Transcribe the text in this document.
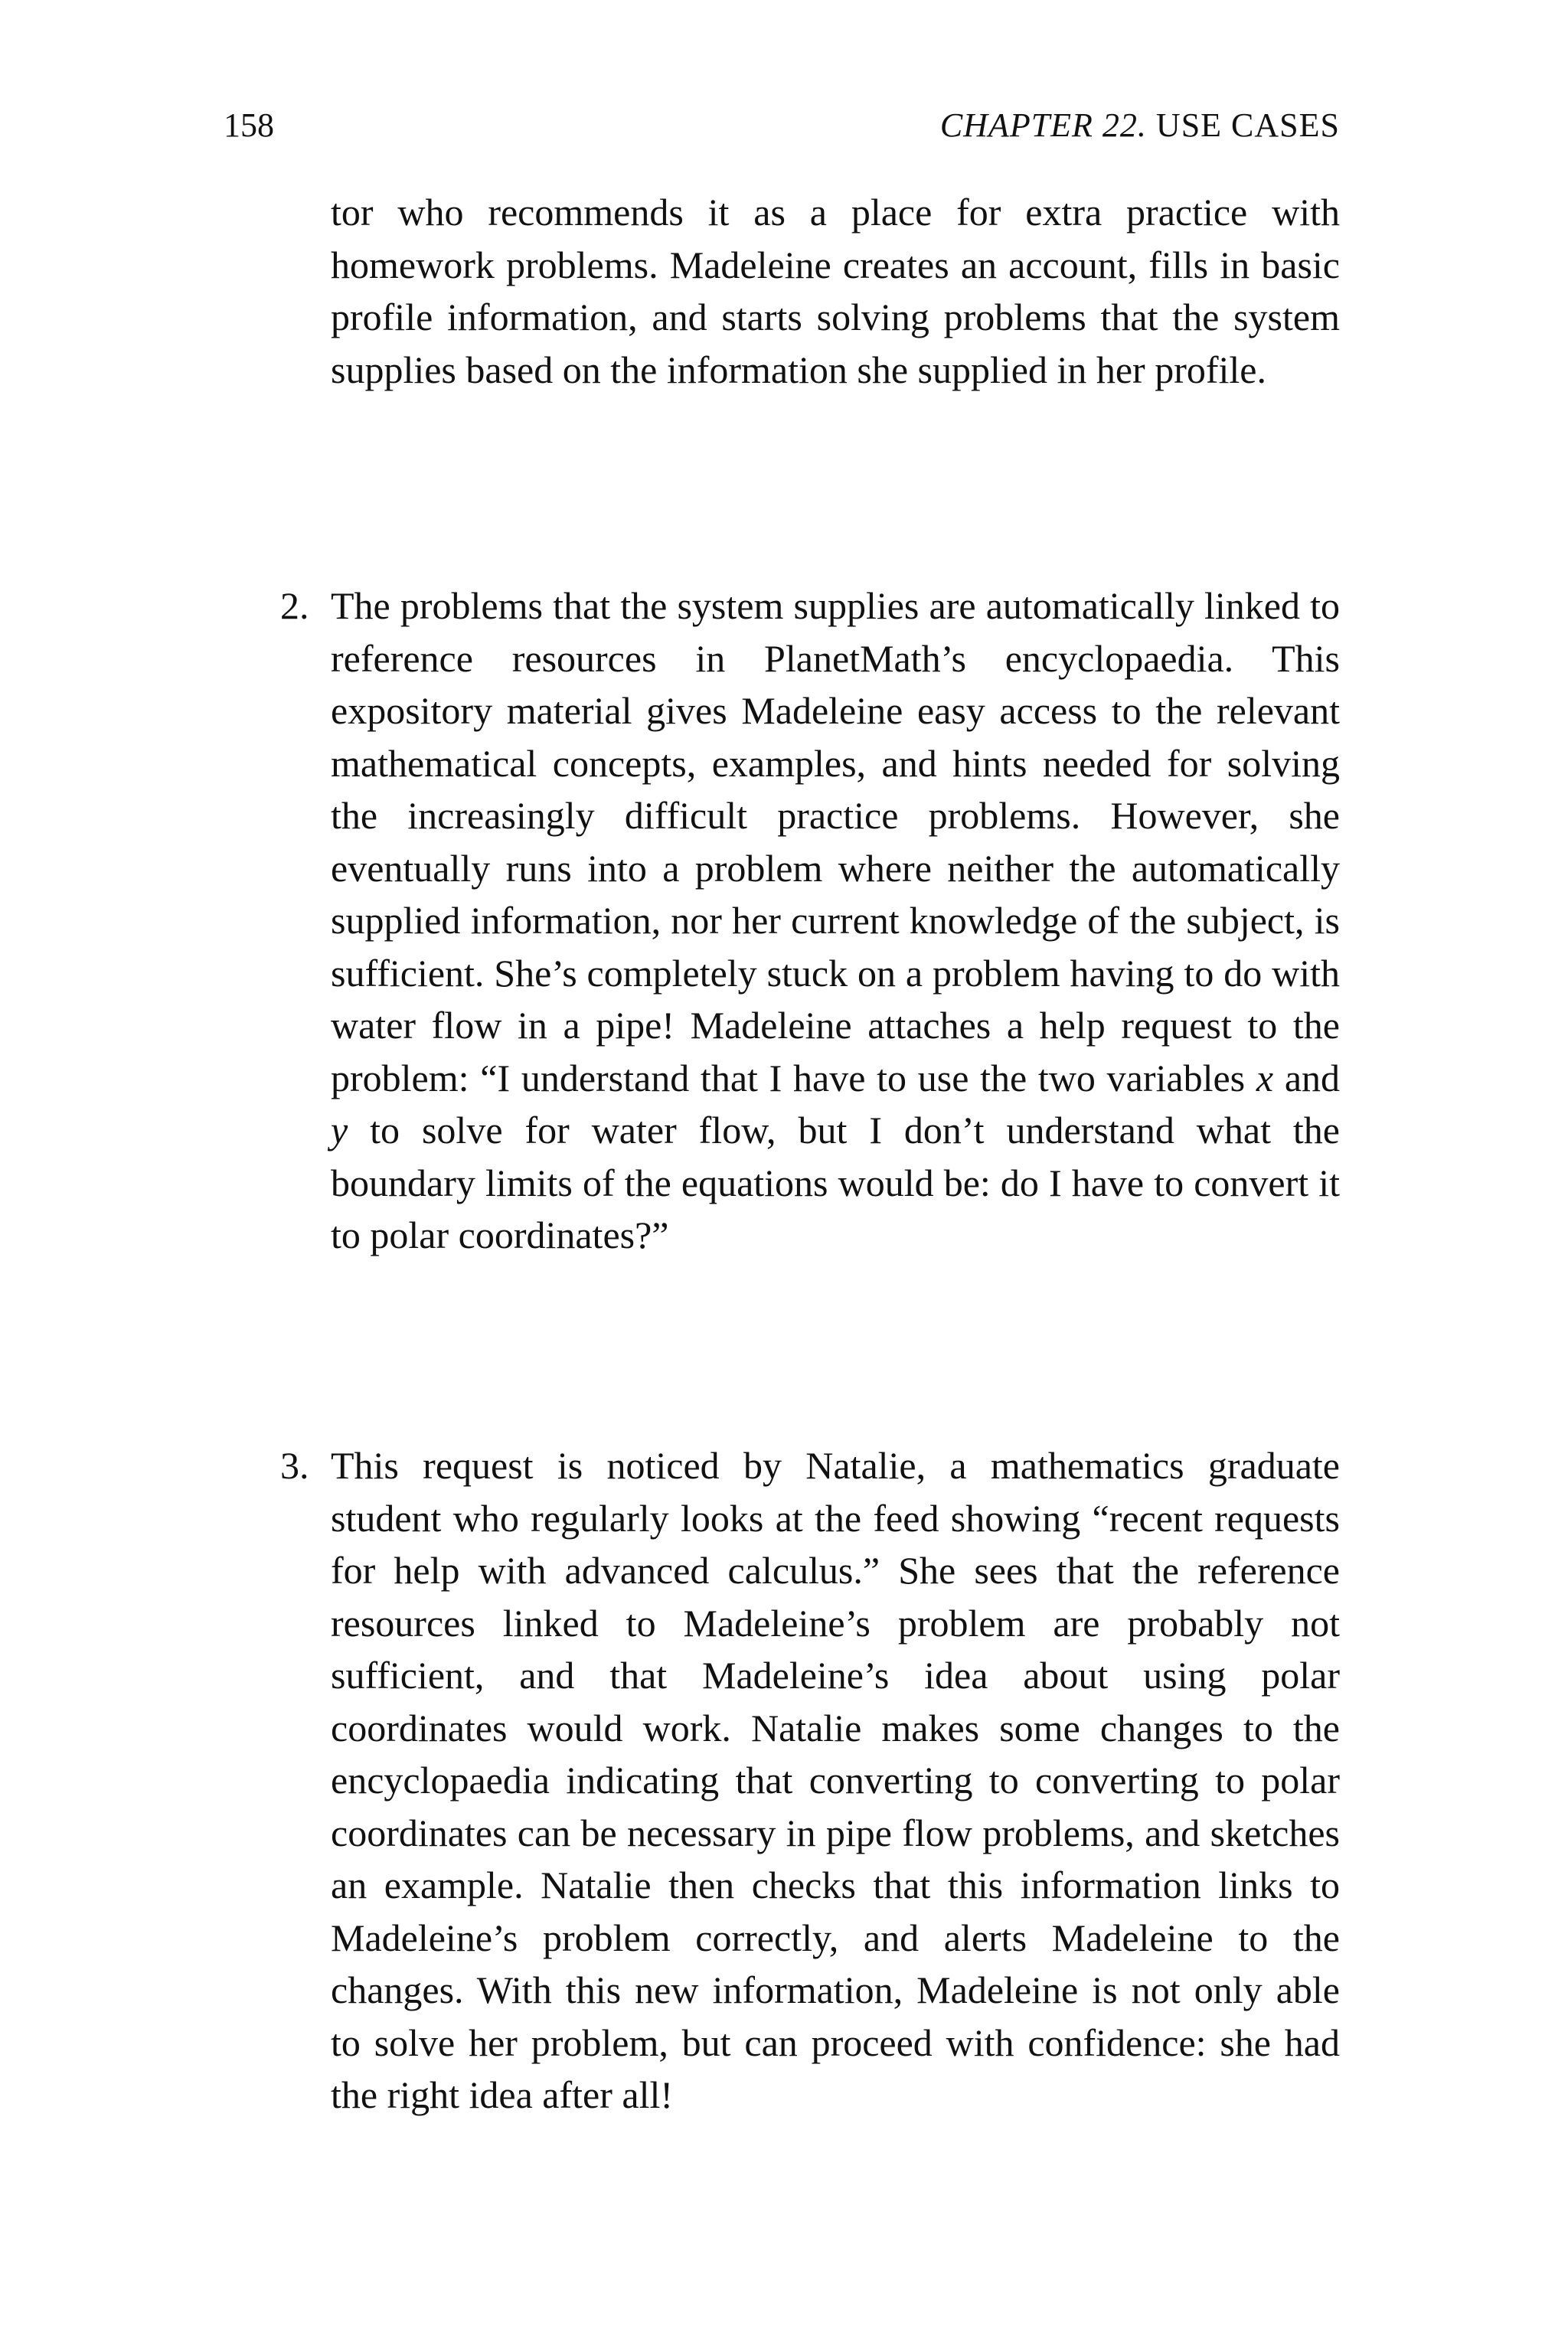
158	CHAPTER 22. USE CASES

tor who recommends it as a place for extra practice with homework problems. Madeleine creates an account, fills in basic profile information, and starts solving problems that the system supplies based on the information she supplied in her profile.

2. The problems that the system supplies are automatically linked to reference resources in PlanetMath’s encyclopaedia. This expository material gives Madeleine easy access to the relevant mathematical concepts, examples, and hints needed for solving the increasingly difficult practice problems. However, she eventually runs into a problem where neither the automatically supplied information, nor her current knowledge of the subject, is sufficient. She’s completely stuck on a problem having to do with water flow in a pipe! Madeleine attaches a help request to the problem: “I understand that I have to use the two variables x and y to solve for water flow, but I don’t understand what the boundary limits of the equations would be: do I have to convert it to polar coordinates?”

3. This request is noticed by Natalie, a mathematics graduate student who regularly looks at the feed showing “recent requests for help with advanced calculus.” She sees that the reference resources linked to Madeleine’s problem are probably not sufficient, and that Madeleine’s idea about using polar coordinates would work. Natalie makes some changes to the encyclopaedia indicating that converting to converting to polar coordinates can be necessary in pipe flow problems, and sketches an example. Natalie then checks that this information links to Madeleine’s problem correctly, and alerts Madeleine to the changes. With this new information, Madeleine is not only able to solve her problem, but can proceed with confidence: she had the right idea after all!
